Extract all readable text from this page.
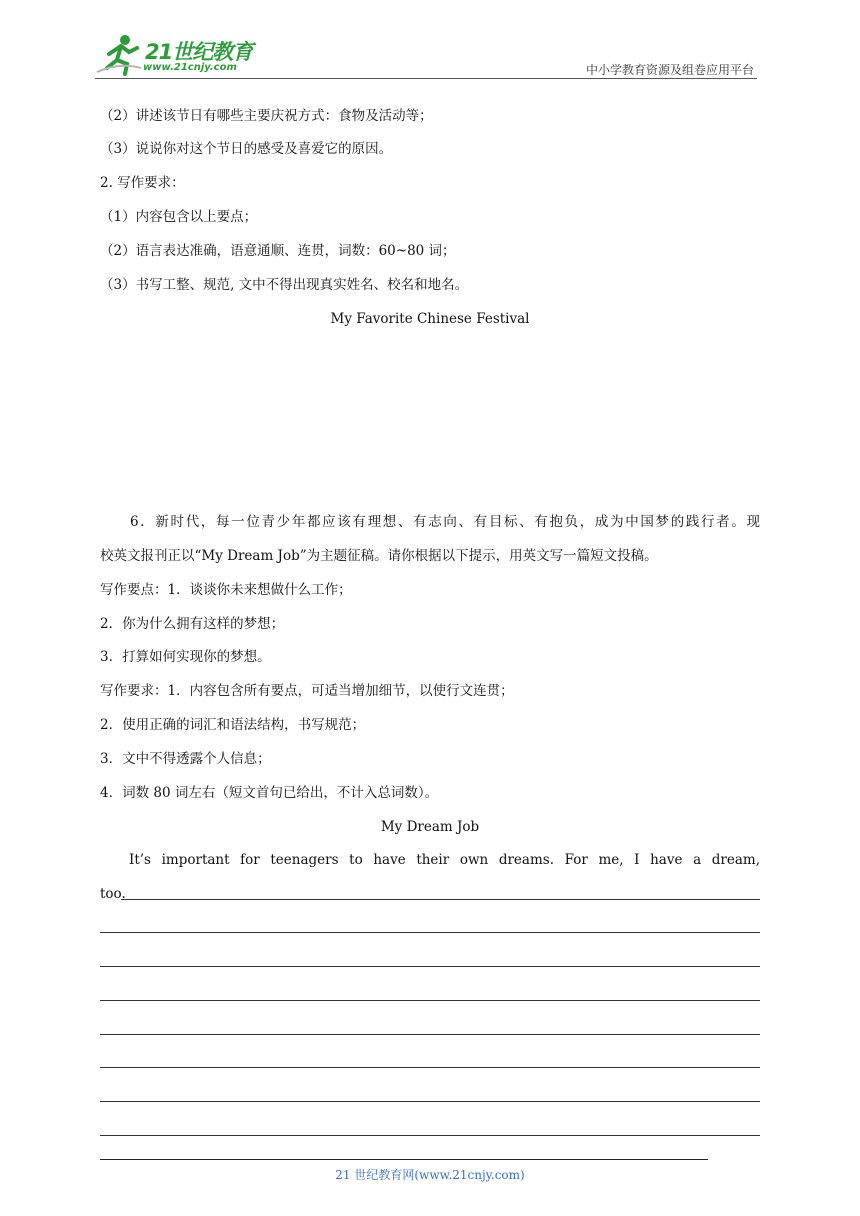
21世纪教育
www.21cnjy.com	中小学教育资源及组卷应用平台
（2）讲述该节日有哪些主要庆祝方式：食物及活动等；
（3）说说你对这个节日的感受及喜爱它的原因。
2. 写作要求：
（1）内容包含以上要点；
（2）语言表达准确，语意通顺、连贯，词数：60~80 词；
（3）书写工整、规范, 文中不得出现真实姓名、校名和地名。
My Favorite Chinese Festival
6．新时代，每一位青少年都应该有理想、有志向、有目标、有抱负，成为中国梦的践行者。现
校英文报刊正以“My Dream Job”为主题征稿。请你根据以下提示，用英文写一篇短文投稿。
写作要点：1．谈谈你未来想做什么工作；
2．你为什么拥有这样的梦想；
3．打算如何实现你的梦想。
写作要求：1．内容包含所有要点，可适当增加细节，以使行文连贯；
2．使用正确的词汇和语法结构，书写规范；
3．文中不得透露个人信息；
4．词数 80 词左右（短文首句已给出，不计入总词数）。
My Dream Job
It’s important for teenagers to have their own dreams. For me, I have a dream,
too.
21 世纪教育网(www.21cnjy.com)
